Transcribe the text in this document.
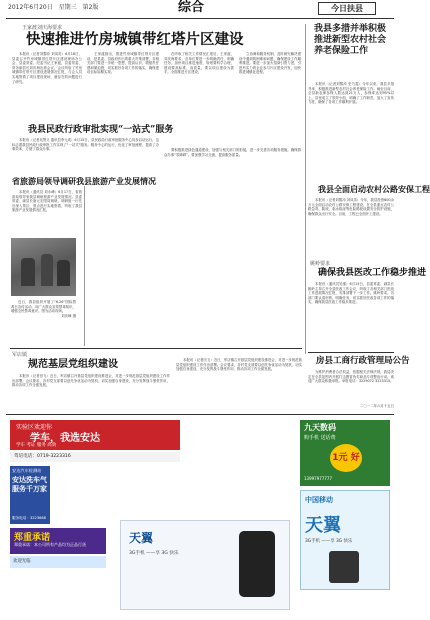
2012年6月20日 星期三 第2版	综合	今日扶县
王家渡刘庆海要求
快速推进竹房城镇带红塔片区建设

本报讯（记者刘黎冲 刘凤英）6月18日，县委召开竹房城镇带红塔片区建设现场办公会，县委常委、纪委书记王家渡，县委常委、常务副县长刘庆海出席会议。会议听取了竹房城镇带红塔片区建设进展情况汇报，与会人员实地察看了项目建设现场，就存在的问题进行了研究。

王家渡指出，推进竹房城镇带红塔片区建设，是县委、县政府作出的重大决策部署，各相关部门要进一步统一思想，提高认识，增强责任感和紧迫感，切实抓好各项工作的落实，确保建设目标如期实现。

在听取了相关工作情况汇报后，王家渡、刘庆海要求，各单位要进一步明确责任，明确任务，加快项目推进速度，规划要科学合理，建设要高标准、高质量，要以项目建设为抓手，全面推进片区建设。

立协调和服务机制，及时研究解决建设中遇到的困难和问题，确保建设工作顺利推进。要进一步加大招商引资力度，引进有实力的企业参与片区建设开发，加快推进城镇化进程。

我县民政行政审批实现“一站式”服务

本报讯（记者吴贤义 通讯员李元成）6月15日，县民政局行政审批服务中心同步启动运行，这标志着我县民政行政审批工作实现了“一站式”服务。服务中心的运行，优化了审批流程，提高了办事效率，方便了群众办事。

省旅游局领导调研我县旅游产业发展情况

本报讯（通讯员 刘永峰）6月17日，省旅游局领导来我县调研旅游产业发展情况。县委常委、副县长唐元宏陪同调研。调研组一行先后深入景区、景点进行实地察看，听取了我县旅游产业发展情况汇报。

要积极推进绿色通道建设，加强与相关部门的衔接，进一步完善各项服务措施，确保群众办事“零障碍”。要加强学习交流，提高服务质量。

近日，我县组织开展了“6.26”国际禁毒日宣传活动，向广大群众宣传禁毒知识，增强全民禁毒意识。图为活动现场。

刘庆峰 摄
军店镇
规范基层党组织建设

本报讯（记者田飞）近日，军店镇召开基层党组织建设推进会，对进一步规范基层党组织建设工作作出部署。会议要求，各村党支部要以创先争优活动为契机，切实加强自身建设，充分发挥战斗堡垒作用，推动各项工作全面发展。

本报讯（记者田飞）近日，军店镇召开基层党组织建设推进会，对进一步规范基层党组织建设工作作出部署。会议要求，各村党支部要以创先争优活动为契机，切实加强自身建设，充分发挥战斗堡垒作用，推动各项工作全面发展。

我县多措并举积极推进新型农村社会养老保险工作

本报讯（记者刘黎冲 史乃霞）今年以来，我县多措并举，积极推进新型农村社会养老保险工作。截至目前，全县新农保参保人数达到21万人，参保率达到95%以上。县里成立了领导小组，明确了工作职责，加大了宣传力度，确保了各项工作顺利开展。

我县全面启动农村公路安保工程

本报讯（记者刘黎冲 刘凤英）今年，我县投资600余万元全面启动农村公路安保工程建设，在全县重点农村公路急弯、陡坡、临水临崖等危险路段设置安全防护设施，确保群众出行安全。目前，工程已全面开工建设。

姚岭要求
确保我县医改工作稳步推进

本报讯（通讯员吴强）6月15日，县委常委、副县长姚岭主持召开全县医改工作会议，听取了各相关部门医改工作进展情况汇报，安排部署下一步工作。姚岭要求，各部门要认清形势，明确任务，切实抓好医改各项工作的落实，确保我县医改工作稳步推进。

房县工商行政管理局公告

为维护消费者合法权益，依据相关法律法规，我局决定在全县范围内开展打击假冒伪劣商品专项整治行动，欢迎广大群众积极举报。举报电话：3229072 3223315。

二〇一二年六月十五日
实验区欢迎你
学车，我选安达
学车 考证 服务 高效
驾培电话：0719-3223316
安达汽车检测站
安达洗车气服务千万家
服务电话：3223668
郑重承诺
郑重承诺：本公司所有产品均为正品行货
欢迎光临
九天数码
购手机 送话费
1元 好
13997977777
中国移动
天翼
3G手机 ——享 3G 快乐
天翼
3G手机 ——享 3G 快乐
